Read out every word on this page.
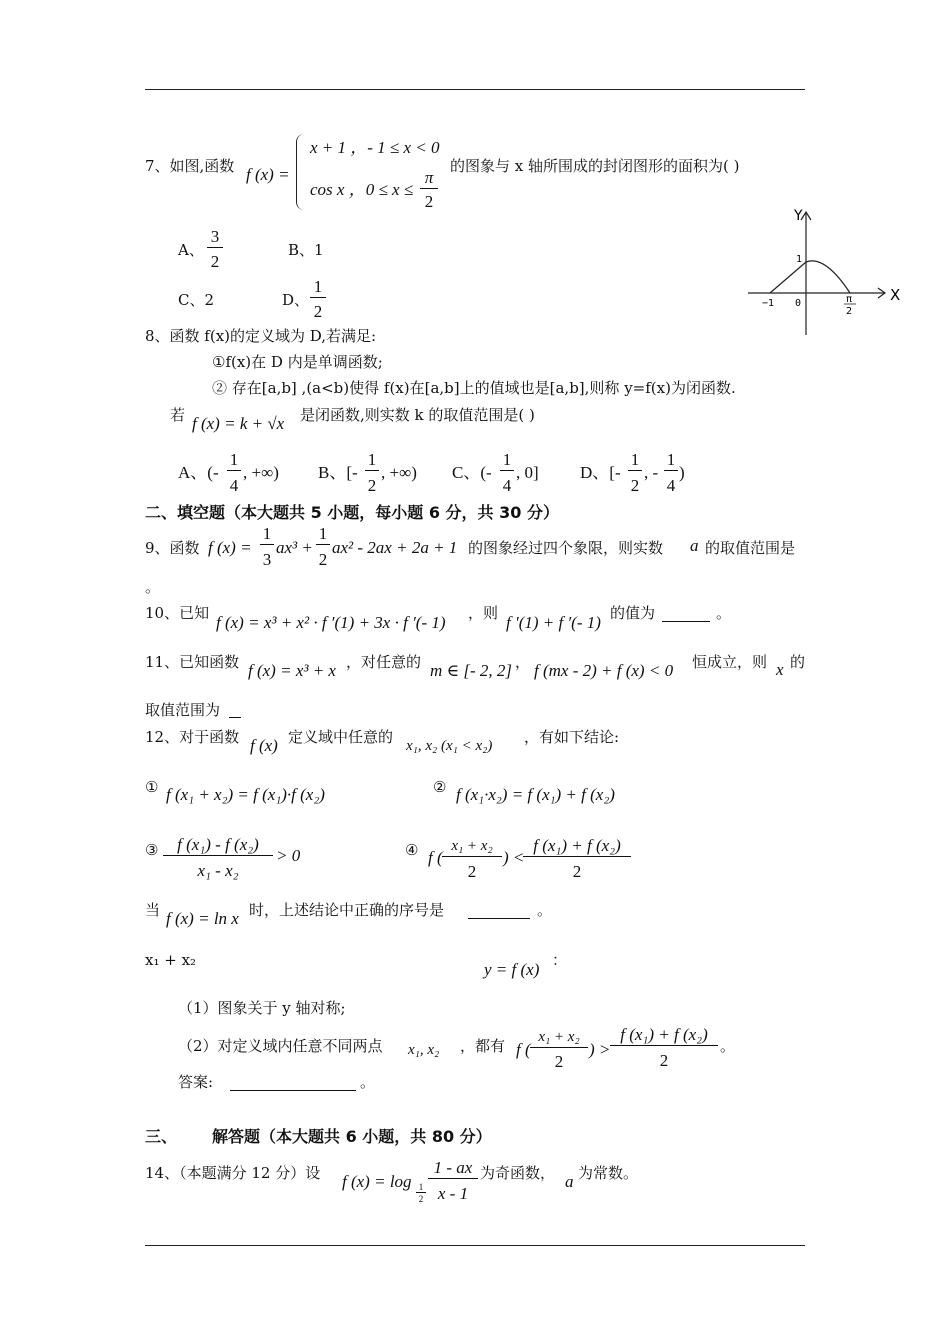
7、如图,函数 f (x) =
x + 1 ，- 1 ≤ x < 0
cos x ，0 ≤ x ≤
π
2
的图象与 x 轴所围成的封闭图形的面积为( )
A、
3
2
B、1
C、2	D、
1
2
Y
X
1
−1 0	π
2
8、函数 f(x)的定义域为 D,若满足:
①f(x)在 D 内是单调函数;
② 存在[a,b] ,(a<b)使得 f(x)在[a,b]上的值域也是[a,b],则称 y=f(x)为闭函数.
若 f (x) = k + √x 是闭函数,则实数 k 的取值范围是( )
A、(-
1
4
, +∞) B、[-
1
2
, +∞) C、(-
1
4
, 0] D、[-
1
2
, -
1
4
)
二、填空题（本大题共 5 小题，每小题 6 分，共 30 分）
9、函数 f (x) =
1
3
ax³ +
1
2
ax² - 2ax + 2a + 1 的图象经过四个象限，则实数 a 的取值范围是
。
10、已知 f (x) = x³ + x² · f ′(1) + 3x · f ′(- 1) ，则 f ′(1) + f ′(- 1) 的值为	。
11、已知函数 f (x) = x³ + x ，对任意的 m ∈ [- 2, 2] ， f (mx - 2) + f (x) < 0 恒成立，则 x 的
取值范围为
12、对于函数 f (x) 定义域中任意的 x₁, x₂ (x₁ < x₂) ，有如下结论:
① f (x₁ + x₂) = f (x₁)·f (x₂)	② f (x₁·x₂) = f (x₁) + f (x₂)
③	f (x₁) - f (x₂)
x₁ - x₂
> 0	④ f (
x₁ + x₂
2
) <
f (x₁) + f (x₂)
2
当 f (x) = ln x 时，上述结论中正确的序号是	。
x₁ + x₂	y = f (x) ：
（1）图象关于 y 轴对称;
（2）对定义域内任意不同两点 x₁, x₂ ，都有 f (
x₁ + x₂
2
) >
f (x₁) + f (x₂)
2
。
答案:	。
三、 解答题（本大题共 6 小题，共 80 分）
14、（本题满分 12 分）设 f (x) = log 1
2
1 - ax
x - 1
为奇函数， a 为常数。
